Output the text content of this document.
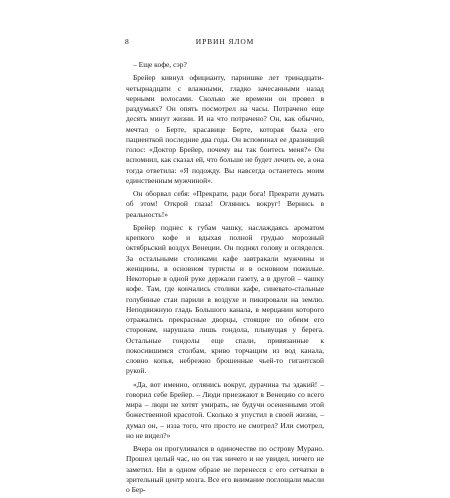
8	ИРВИН ЯЛОМ

– Еще кофе, сэр?

Брейер кивнул официанту, парнишке лет тринадцати-четырнадцати с влажными, гладко зачесанными назад черными волосами. Сколько же времени он провел в раздумьях? Он опять посмотрел на часы. Потрачено еще десять минут жизни. И на что потрачено? Он, как обычно, мечтал о Берте, красавице Берте, которая была его пациенткой последние два года. Он вспоминал ее дразнящий голос: «Доктор Брейер, почему вы так боитесь меня?» Он вспомнил, как сказал ей, что больше не будет лечить ее, а она тогда ответила: «Я подожду. Вы навсегда останетесь моим единственным мужчиной».

Он оборвал себя: «Прекрати, ради бога! Прекрати думать об этом! Открой глаза! Оглянись вокруг! Вернись в реальность!»

Брейер поднес к губам чашку, наслаждаясь ароматом крепкого кофе и вдыхая полной грудью морозный октябрьский воздух Венеции. Он поднял голову и огляделся. За остальными столиками кафе завтракали мужчины и женщины, в основном туристы и в основном пожилые. Некоторые в одной руке держали газету, а в другой – чашку кофе. Там, где кончались столики кафе, синевато-стальные голубиные стаи парили в воздухе и пикировали на землю. Неподвижную гладь Большого канала, в мерцании которого отражались прекрасные дворцы, стоящие по обеим его сторонам, нарушала лишь гондола, плывущая у берега. Остальные гондолы еще спали, привязанные к покосившимся столбам, криво торчащим из вод канала, словно копья, небрежно брошенные чьей-то гигантской рукой.

«Да, вот именно, оглянись вокруг, дурачина ты эдакий! – говорил себе Брейер. – Люди приезжают в Венецию со всего мира – люди не хотят умирать, не будучи осененными этой божественной красотой. Сколько я упустил в своей жизни, – думал он, – изза того, что просто не смотрел? Или смотрел, но не видел?»

Вчера он прогуливался в одиночестве по острову Мурано. Прошел целый час, но он так ничего и не увидел, ничего не заметил. Ни в одном образе не перенесся с его сетчатки в зрительный центр мозга. Все его внимание поглощали мысли о Бер-
